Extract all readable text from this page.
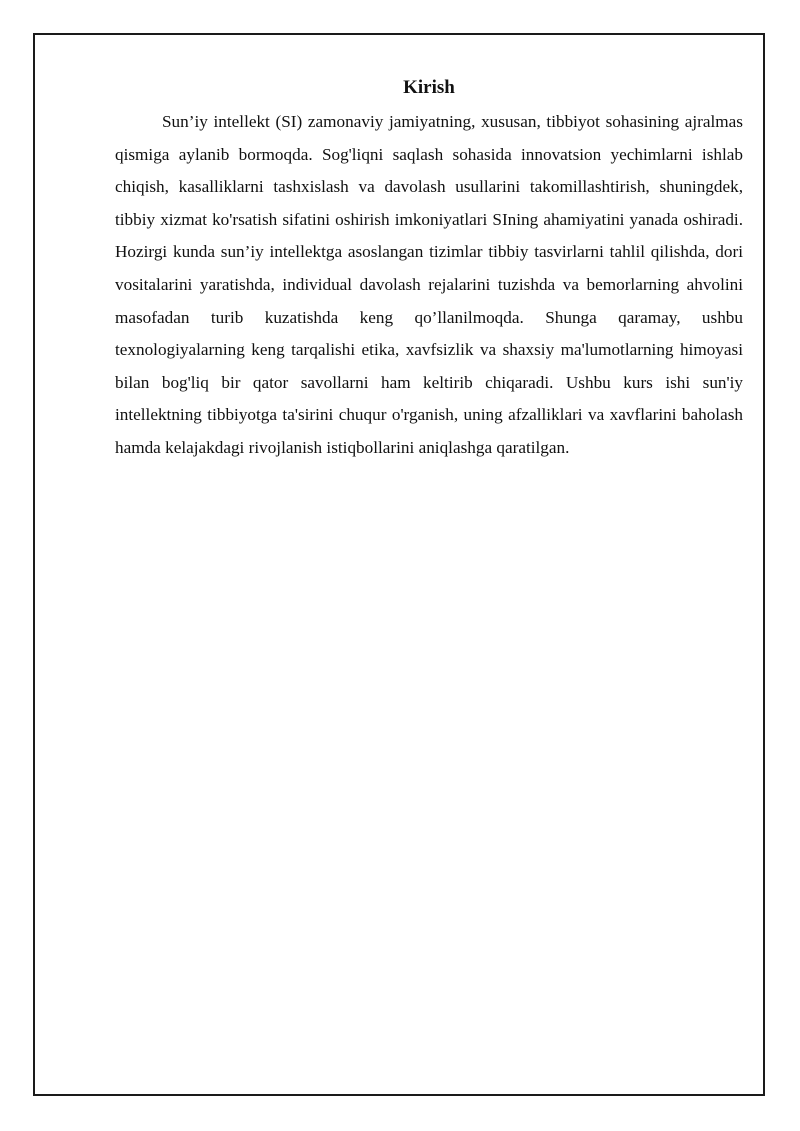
Kirish

Sun’iy intellekt (SI) zamonaviy jamiyatning, xususan, tibbiyot sohasining ajralmas qismiga aylanib bormoqda. Sog'liqni saqlash sohasida innovatsion yechimlarni ishlab chiqish, kasalliklarni tashxislash va davolash usullarini takomillashtirish, shuningdek, tibbiy xizmat ko'rsatish sifatini oshirish imkoniyatlari SIning ahamiyatini yanada oshiradi. Hozirgi kunda sun’iy intellektga asoslangan tizimlar tibbiy tasvirlarni tahlil qilishda, dori vositalarini yaratishda, individual davolash rejalarini tuzishda va bemorlarning ahvolini masofadan turib kuzatishda keng qo’llanilmoqda. Shunga qaramay, ushbu texnologiyalarning keng tarqalishi etika, xavfsizlik va shaxsiy ma'lumotlarning himoyasi bilan bog'liq bir qator savollarni ham keltirib chiqaradi. Ushbu kurs ishi sun'iy intellektning tibbiyotga ta'sirini chuqur o'rganish, uning afzalliklari va xavflarini baholash hamda kelajakdagi rivojlanish istiqbollarini aniqlashga qaratilgan.
